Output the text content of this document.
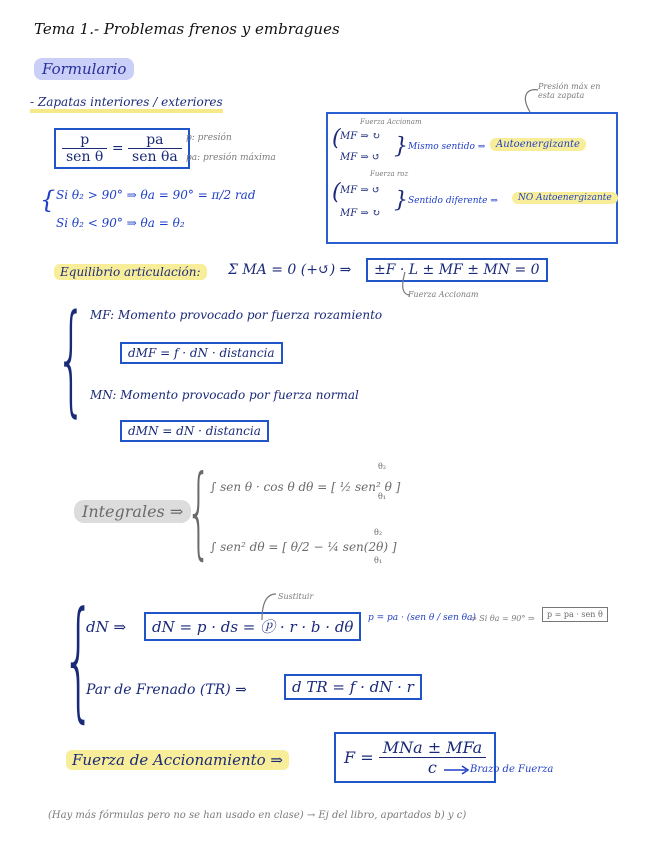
Tema 1.- Problemas frenos y embragues
Formulario
- Zapatas interiores / exteriores
$\frac{p}{\text{sen θ}} = \frac{pa}{\text{sen θa}} p$: presión
pa: presión máxima
Presión máx en esta zapata
{ Si θ₂ > 90° ⇒ θa = 90° = π/2 rad
Si θ₂ < 90° ⇒ θa = θ₂
Fuerza Accionam
( MF ⇒ ↻
MF ⇒ ↺
Fuerza roz
} Mismo sentido ⇒	Autoenergizante
( MF ⇒ ↺
MF ⇒ ↻
} Sentido diferente ⇒	NO Autoenergizante
Equilibrio articulación:	Σ MA = 0 (+↺) ⇒	±F · L ± MF ± MN = 0
Fuerza Accionam
{ MF: Momento provocado por fuerza rozamiento
dMF = f · dN · distancia
MN: Momento provocado por fuerza normal
dMN = dN · distancia
Integrales ⇒ {
∫ sen θ · cos θ dθ = [ ½ sen² θ ]
∫ sen² dθ = [ θ/2 − ¼ sen(2θ) ]
θ₂
θ₁
θ₂
θ₁
{
dN ⇒	dN = p · ds = ⓟ · r · b · dθ
Sustituir
p = pa · (sen θ / sen θa)
⇒ Si θa = 90° ⇒	p = pa · sen θ
Par de Frenado (TR) ⇒	d TR = f · dN · r
Fuerza de Accionamiento ⇒	$F = \frac{\text{MNa ± MFa}}{c}$
Brazo de Fuerza
(Hay más fórmulas pero no se han usado en clase) → Ej del libro, apartados b) y c)
